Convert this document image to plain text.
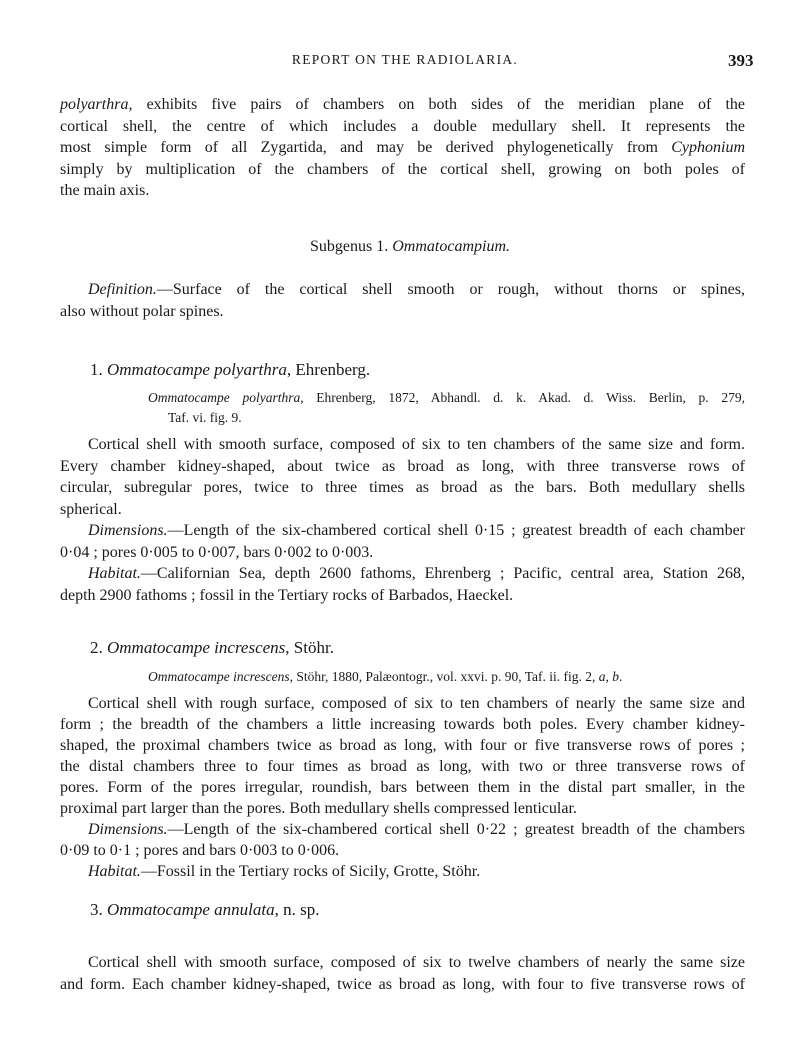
REPORT ON THE RADIOLARIA.	393
polyarthra, exhibits five pairs of chambers on both sides of the meridian plane of the
cortical shell, the centre of which includes a double medullary shell. It represents the
most simple form of all Zygartida, and may be derived phylogenetically from Cyphonium
simply by multiplication of the chambers of the cortical shell, growing on both poles of
the main axis.
Subgenus 1. Ommatocampium.
Definition.—Surface of the cortical shell smooth or rough, without thorns or spines,
also without polar spines.
1. Ommatocampe polyarthra, Ehrenberg.
Ommatocampe polyarthra, Ehrenberg, 1872, Abhandl. d. k. Akad. d. Wiss. Berlin, p. 279,
Taf. vi. fig. 9.
Cortical shell with smooth surface, composed of six to ten chambers of the same size and form.
Every chamber kidney-shaped, about twice as broad as long, with three transverse rows of
circular, subregular pores, twice to three times as broad as the bars. Both medullary shells
spherical.
Dimensions.—Length of the six-chambered cortical shell 0·15 ; greatest breadth of each chamber
0·04 ; pores 0·005 to 0·007, bars 0·002 to 0·003.
Habitat.—Californian Sea, depth 2600 fathoms, Ehrenberg ; Pacific, central area, Station 268,
depth 2900 fathoms ; fossil in the Tertiary rocks of Barbados, Haeckel.
2. Ommatocampe increscens, Stöhr.
Ommatocampe increscens, Stöhr, 1880, Palæontogr., vol. xxvi. p. 90, Taf. ii. fig. 2, a, b.
Cortical shell with rough surface, composed of six to ten chambers of nearly the same size and
form ; the breadth of the chambers a little increasing towards both poles. Every chamber kidney-
shaped, the proximal chambers twice as broad as long, with four or five transverse rows of pores ;
the distal chambers three to four times as broad as long, with two or three transverse rows of
pores. Form of the pores irregular, roundish, bars between them in the distal part smaller, in the
proximal part larger than the pores. Both medullary shells compressed lenticular.
Dimensions.—Length of the six-chambered cortical shell 0·22 ; greatest breadth of the chambers
0·09 to 0·1 ; pores and bars 0·003 to 0·006.
Habitat.—Fossil in the Tertiary rocks of Sicily, Grotte, Stöhr.
3. Ommatocampe annulata, n. sp.
Cortical shell with smooth surface, composed of six to twelve chambers of nearly the same size
and form. Each chamber kidney-shaped, twice as broad as long, with four to five transverse rows of
